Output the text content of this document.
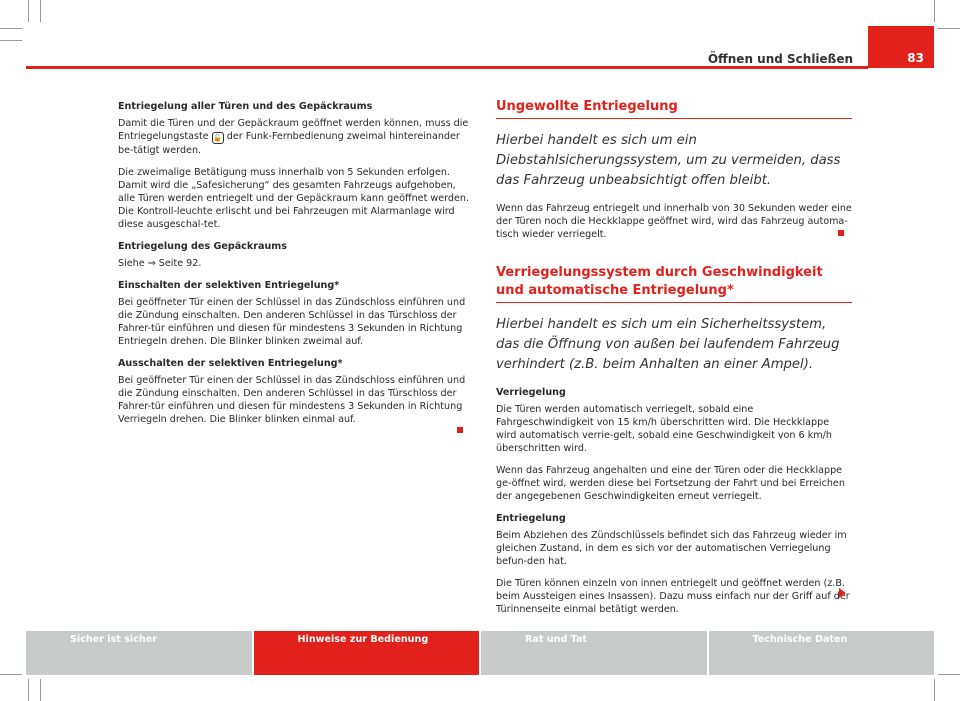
Öffnen und Schließen	83
Entriegelung aller Türen und des Gepäckraums

Damit die Türen und der Gepäckraum geöffnet werden können, muss die Entriegelungstaste 🔓 der Funk-Fernbedienung zweimal hintereinander be-tätigt werden.

Die zweimalige Betätigung muss innerhalb von 5 Sekunden erfolgen. Damit wird die „Safesicherung“ des gesamten Fahrzeugs aufgehoben, alle Türen werden entriegelt und der Gepäckraum kann geöffnet werden. Die Kontroll-leuchte erlischt und bei Fahrzeugen mit Alarmanlage wird diese ausgeschal-tet.

Entriegelung des Gepäckraums

Siehe ⇒ Seite 92.

Einschalten der selektiven Entriegelung*

Bei geöffneter Tür einen der Schlüssel in das Zündschloss einführen und die Zündung einschalten. Den anderen Schlüssel in das Türschloss der Fahrer-tür einführen und diesen für mindestens 3 Sekunden in Richtung Entriegeln drehen. Die Blinker blinken zweimal auf.

Ausschalten der selektiven Entriegelung*

Bei geöffneter Tür einen der Schlüssel in das Zündschloss einführen und die Zündung einschalten. Den anderen Schlüssel in das Türschloss der Fahrer-tür einführen und diesen für mindestens 3 Sekunden in Richtung Verriegeln drehen. Die Blinker blinken einmal auf.

Ungewollte Entriegelung
Hierbei handelt es sich um ein Diebstahlsicherungssystem, um zu vermeiden, dass das Fahrzeug unbeabsichtigt offen bleibt.

Wenn das Fahrzeug entriegelt und innerhalb von 30 Sekunden weder eine der Türen noch die Heckklappe geöffnet wird, wird das Fahrzeug automa-tisch wieder verriegelt.

Verriegelungssystem durch Geschwindigkeit und automatische Entriegelung*
Hierbei handelt es sich um ein Sicherheitssystem, das die Öffnung von außen bei laufendem Fahrzeug verhindert (z.B. beim Anhalten an einer Ampel).
Verriegelung

Die Türen werden automatisch verriegelt, sobald eine Fahrgeschwindigkeit von 15 km/h überschritten wird. Die Heckklappe wird automatisch verrie-gelt, sobald eine Geschwindigkeit von 6 km/h überschritten wird.

Wenn das Fahrzeug angehalten und eine der Türen oder die Heckklappe ge-öffnet wird, werden diese bei Fortsetzung der Fahrt und bei Erreichen der angegebenen Geschwindigkeiten erneut verriegelt.

Entriegelung

Beim Abziehen des Zündschlüssels befindet sich das Fahrzeug wieder im gleichen Zustand, in dem es sich vor der automatischen Verriegelung befun-den hat.

Die Türen können einzeln von innen entriegelt und geöffnet werden (z.B. beim Aussteigen eines Insassen). Dazu muss einfach nur der Griff auf der Türinnenseite einmal betätigt werden.

Sicher ist sicher	Hinweise zur Bedienung	Rat und Tat	Technische Daten
